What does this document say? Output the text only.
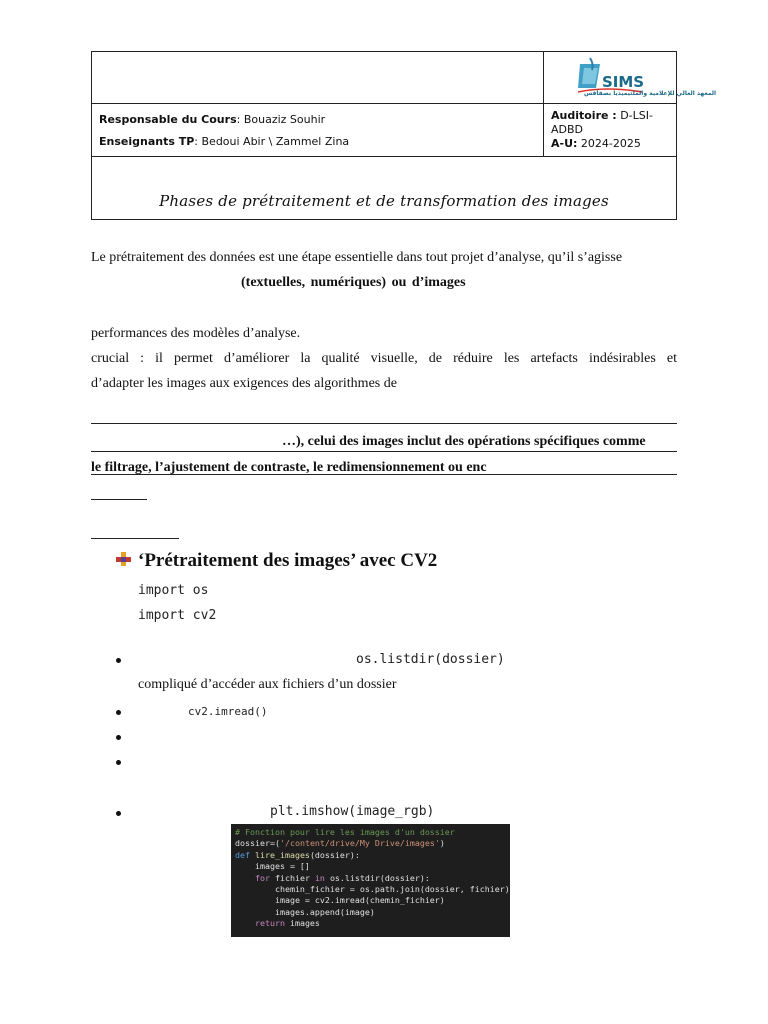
SIMS
المعهد العالي للإعلامية والملتيميديا بصفاقس
Responsable du Cours: Bouaziz Souhir
Enseignants TP: Bedoui Abir \ Zammel Zina
Auditoire : D-LSI-ADBD
A-U: 2024-2025
Phases de prétraitement et de transformation des images
Le prétraitement des données est une étape essentielle dans tout projet d’analyse, qu’il s’agisse
(textuelles, numériques) ou d’images
performances des modèles d’analyse.
crucial : il permet d’améliorer la qualité visuelle, de réduire les artefacts indésirables et
d’adapter les images aux exigences des algorithmes de
…), celui des images inclut des opérations spécifiques comme
le filtrage, l’ajustement de contraste, le redimensionnement ou enc
‘Prétraitement des images’ avec CV2
import os
import cv2
os.listdir(dossier)
compliqué d’accéder aux fichiers d’un dossier
cv2.imread()
plt.imshow(image_rgb)
# Fonction pour lire les images d'un dossier
dossier=('/content/drive/My Drive/images')
def lire_images(dossier):
images = []
for fichier in os.listdir(dossier):
chemin_fichier = os.path.join(dossier, fichier)
image = cv2.imread(chemin_fichier)
images.append(image)
return images
